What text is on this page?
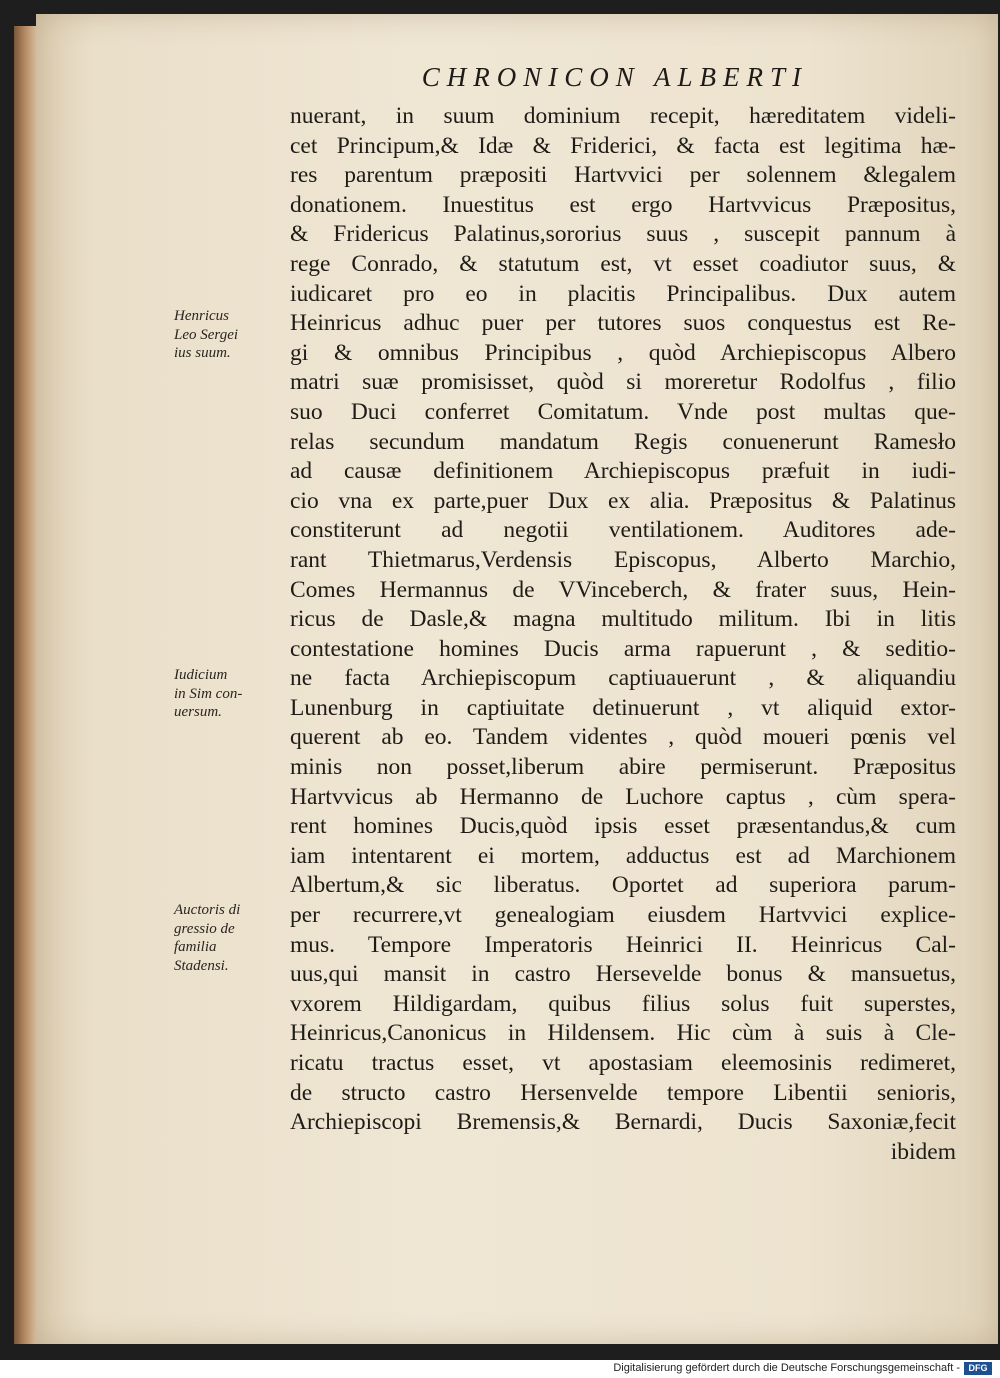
CHRONICON ALBERTI
Henricus
Leo Sergei
ius suum.
Iudicium
in Sim con-
uersum.
Auctoris di
gressio de
familia
Stadensi.
nuerant, in suum dominium recepit, hæreditatem videli-
cet Principum,& Idæ & Friderici, & facta est legitima hæ-
res parentum præpositi Hartvvici per solennem &legalem
donationem. Inuestitus est ergo Hartvvicus Præpositus,
& Fridericus Palatinus,sororius suus , suscepit pannum à
rege Conrado, & statutum est, vt esset coadiutor suus, &
iudicaret pro eo in placitis Principalibus. Dux autem
Heinricus adhuc puer per tutores suos conquestus est Re-
gi & omnibus Principibus , quòd Archiepiscopus Albero
matri suæ promisisset, quòd si moreretur Rodolfus , filio
suo Duci conferret Comitatum. Vnde post multas que-
relas secundum mandatum Regis conuenerunt Ramesło
ad causæ definitionem Archiepiscopus præfuit in iudi-
cio vna ex parte,puer Dux ex alia. Præpositus & Palatinus
constiterunt ad negotii ventilationem. Auditores ade-
rant Thietmarus,Verdensis Episcopus, Alberto Marchio,
Comes Hermannus de VVinceberch, & frater suus, Hein-
ricus de Dasle,& magna multitudo militum. Ibi in litis
contestatione homines Ducis arma rapuerunt , & seditio-
ne facta Archiepiscopum captiuauerunt , & aliquandiu
Lunenburg in captiuitate detinuerunt , vt aliquid extor-
querent ab eo. Tandem videntes , quòd moueri pœnis vel
minis non posset,liberum abire permiserunt. Præpositus
Hartvvicus ab Hermanno de Luchore captus , cùm spera-
rent homines Ducis,quòd ipsis esset præsentandus,& cum
iam intentarent ei mortem, adductus est ad Marchionem
Albertum,& sic liberatus. Oportet ad superiora parum-
per recurrere,vt genealogiam eiusdem Hartvvici explice-
mus. Tempore Imperatoris Heinrici II. Heinricus Cal-
uus,qui mansit in castro Hersevelde bonus & mansuetus,
vxorem Hildigardam, quibus filius solus fuit superstes,
Heinricus,Canonicus in Hildensem. Hic cùm à suis à Cle-
ricatu tractus esset, vt apostasiam eleemosinis redimeret,
de structo castro Hersenvelde tempore Libentii senioris,
Archiepiscopi Bremensis,& Bernardi, Ducis Saxoniæ,fecit
ibidem
Digitalisierung gefördert durch die Deutsche Forschungsgemeinschaft - DFG
